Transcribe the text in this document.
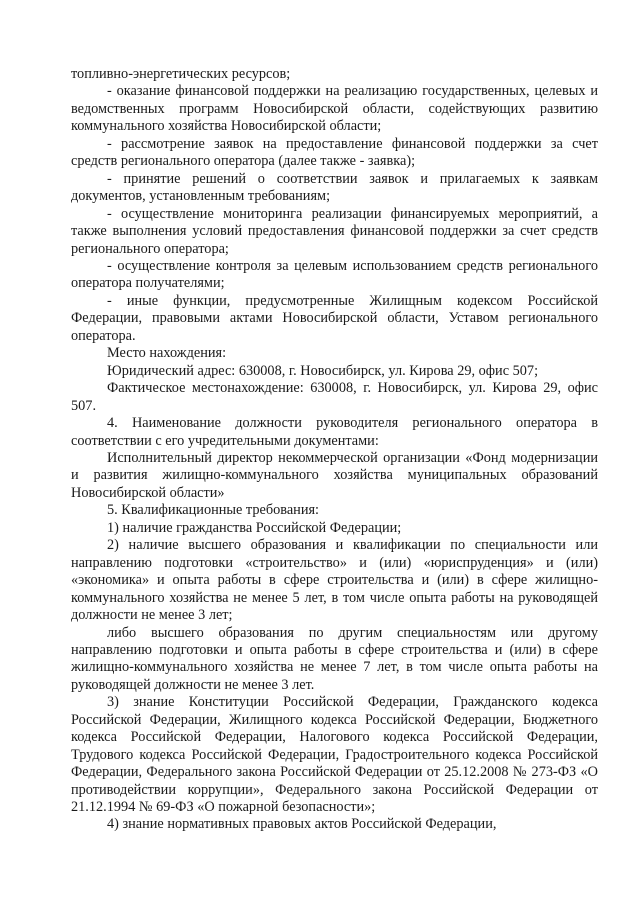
топливно-энергетических ресурсов;

- оказание финансовой поддержки на реализацию государственных, целевых и ведомственных программ Новосибирской области, содействующих развитию коммунального хозяйства Новосибирской области;

- рассмотрение заявок на предоставление финансовой поддержки за счет средств регионального оператора (далее также - заявка);

- принятие решений о соответствии заявок и прилагаемых к заявкам документов, установленным требованиям;

- осуществление мониторинга реализации финансируемых мероприятий, а также выполнения условий предоставления финансовой поддержки за счет средств регионального оператора;

- осуществление контроля за целевым использованием средств регионального оператора получателями;

- иные функции, предусмотренные Жилищным кодексом Российской Федерации, правовыми актами Новосибирской области, Уставом регионального оператора.

Место нахождения:

Юридический адрес: 630008, г. Новосибирск, ул. Кирова 29, офис 507;

Фактическое местонахождение: 630008, г. Новосибирск, ул. Кирова 29, офис 507.

4. Наименование должности руководителя регионального оператора в соответствии с его учредительными документами:

Исполнительный директор некоммерческой организации «Фонд модернизации и развития жилищно-коммунального хозяйства муниципальных образований Новосибирской области»

5. Квалификационные требования:

1) наличие гражданства Российской Федерации;

2) наличие высшего образования и квалификации по специальности или направлению подготовки «строительство» и (или) «юриспруденция» и (или) «экономика» и опыта работы в сфере строительства и (или) в сфере жилищно-коммунального хозяйства не менее 5 лет, в том числе опыта работы на руководящей должности не менее 3 лет;

либо высшего образования по другим специальностям или другому направлению подготовки и опыта работы в сфере строительства и (или) в сфере жилищно-коммунального хозяйства не менее 7 лет, в том числе опыта работы на руководящей должности не менее 3 лет.

3) знание Конституции Российской Федерации, Гражданского кодекса Российской Федерации, Жилищного кодекса Российской Федерации, Бюджетного кодекса Российской Федерации, Налогового кодекса Российской Федерации, Трудового кодекса Российской Федерации, Градостроительного кодекса Российской Федерации, Федерального закона Российской Федерации от 25.12.2008 № 273-ФЗ «О противодействии коррупции», Федерального закона Российской Федерации от 21.12.1994 № 69-ФЗ «О пожарной безопасности»;

4) знание нормативных правовых актов Российской Федерации,
